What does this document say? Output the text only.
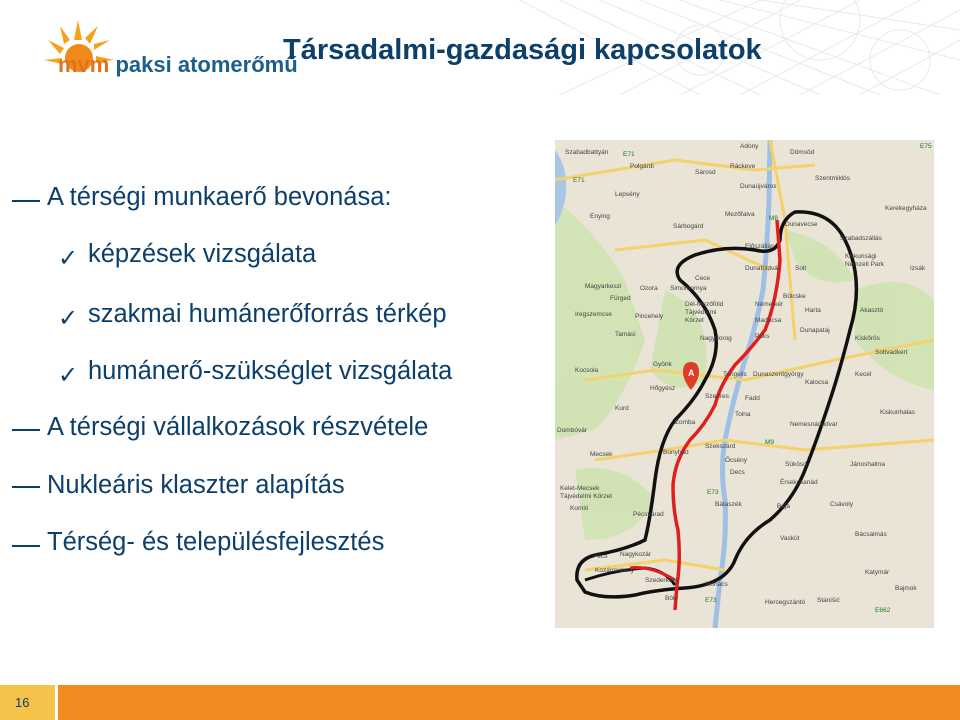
mvm paksi atomerőmű
Társadalmi-gazdasági kapcsolatok
A térségi munkaerő bevonása:
✓ képzések vizsgálata
✓ szakmai humánerőforrás térkép
✓ humánerő-szükséglet vizsgálata
A térségi vállalkozások részvétele
Nukleáris klaszter alapítás
Térség- és településfejlesztés
A
Szabadbattyán
Adony
Dömsöd
Polgárdi
Sárosd
Ráckeve
E71
E71
Lepsény
Dunaújváros
Szentmiklós
Enying	Mezőfalva
Kerekegyháza
Sárbogárd	Dunavecse
Előszállás
Szabadszállás
Dunaföldvár Solt
Kiskunsági
Nemzeti Park
Izsák
Cece
Ozora Simontornya
Bölcske
Magyarkeszi
Fürged
Dél-Mezőföld
Tájvédelmi
Körzet
Németkér
Harta	Akasztó
Iregszemcse	Pincehely
Madocsa
Dunapataj
Tamási
Nagydorog	Paks	Kiskőrös
Kocsola
Gyönk
Tengelic Dunaszentgyörgy
Kalocsa
Soltvadkert
Kecel
Hőgyész
Fadd
Kurd
Szedres
Kiskunhalas
Dombóvár
Zomba
Tolna
Szekszárd
Nemesnádudvar
Bonyhád
Őcsény
Decs
Sükösd	Jánoshalma
Mecsek
Kelet-Mecsek
Tájvédelmi Körzet
Bátaszék
Érsekcsanád
Komló
Pécsvárad
Baja	Csávoly
Vaskút
Bácsalmás
Pécs Nagykozár
Kozármisleny	Katymár
Szederkény
Mohács
Hercegszántó Stanišić
Bajmok
Bóly
E73
E662
M8
M9
E75
E73
16
